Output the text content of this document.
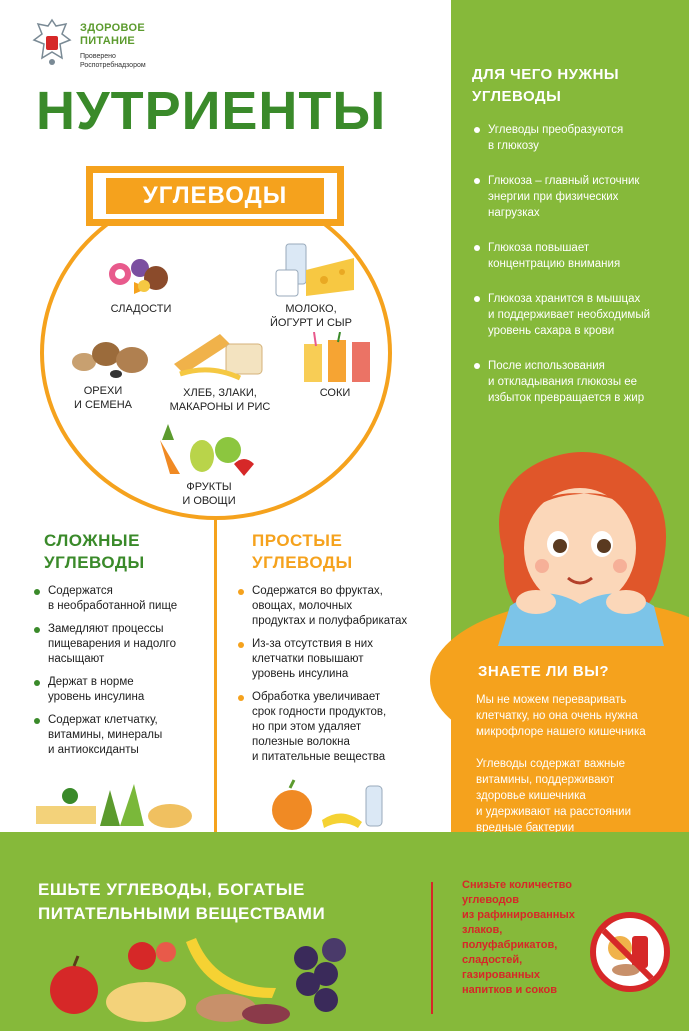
ЗДОРОВОЕ
ПИТАНИЕ
Проверено
Роспотребнадзором
НУТРИЕНТЫ
УГЛЕВОДЫ
СЛАДОСТИ	МОЛОКО,
ЙОГУРТ И СЫР
ОРЕХИ
И СЕМЕНА
ХЛЕБ, ЗЛАКИ,
МАКАРОНЫ И РИС
СОКИ
ФРУКТЫ
И ОВОЩИ
СЛОЖНЫЕ
УГЛЕВОДЫ
Содержатся
в необработанной пище
Замедляют процессы
пищеварения и надолго
насыщают
Держат в норме
уровень инсулина
Содержат клетчатку,
витамины, минералы
и антиоксиданты
ПРОСТЫЕ
УГЛЕВОДЫ
Содержатся во фруктах,
овощах, молочных
продуктах и полуфабрикатах
Из-за отсутствия в них
клетчатки повышают
уровень инсулина
Обработка увеличивает
срок годности продуктов,
но при этом удаляет
полезные волокна
и питательные вещества
ДЛЯ ЧЕГО НУЖНЫ
УГЛЕВОДЫ
Углеводы преобразуются
в глюкозу
Глюкоза – главный источник
энергии при физических
нагрузках
Глюкоза повышает
концентрацию внимания
Глюкоза хранится в мышцах
и поддерживает необходимый
уровень сахара в крови
После использования
и откладывания глюкозы ее
избыток превращается в жир
ЗНАЕТЕ ЛИ ВЫ?
Мы не можем переваривать
клетчатку, но она очень нужна
микрофлоре нашего кишечника
Углеводы содержат важные
витамины, поддерживают
здоровье кишечника
и удерживают на расстоянии
вредные бактерии
ЕШЬТЕ УГЛЕВОДЫ, БОГАТЫЕ
ПИТАТЕЛЬНЫМИ ВЕЩЕСТВАМИ
Снизьте количество
углеводов
из рафинированных
злаков,
полуфабрикатов,
сладостей,
газированных
напитков и соков
